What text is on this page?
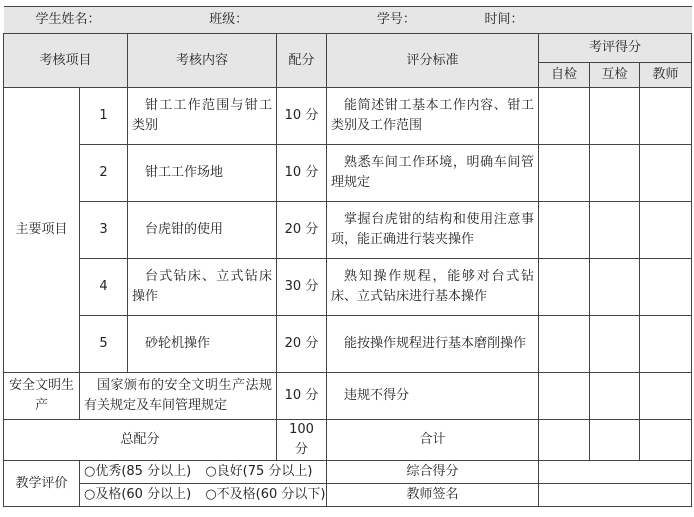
学生姓名： 班级： 学号： 时间：							

考核项目		考核内容	配分	评分标准	考评得分		
					自检	互检	教师
主要项目	1	钳工工作范围与钳工类别	10 分	能简述钳工基本工作内容、钳工类别及工作范围			
	2	钳工工作场地	10 分	熟悉车间工作环境，明确车间管理规定			
	3	台虎钳的使用	20 分	掌握台虎钳的结构和使用注意事项，能正确进行装夹操作			
	4	台式钻床、立式钻床操作	30 分	熟知操作规程，能够对台式钻床、立式钻床进行基本操作			
	5	砂轮机操作	20 分	能按操作规程进行基本磨削操作			
安全文明生产	国家颁布的安全文明生产法规有关规定及车间管理规定		10 分	违规不得分			
总配分			100 分	合计			
教学评价	○优秀(85 分以上) ○良好(75 分以上)			综合得分			
	○及格(60 分以上) ○不及格(60 分以下)			教师签名			
